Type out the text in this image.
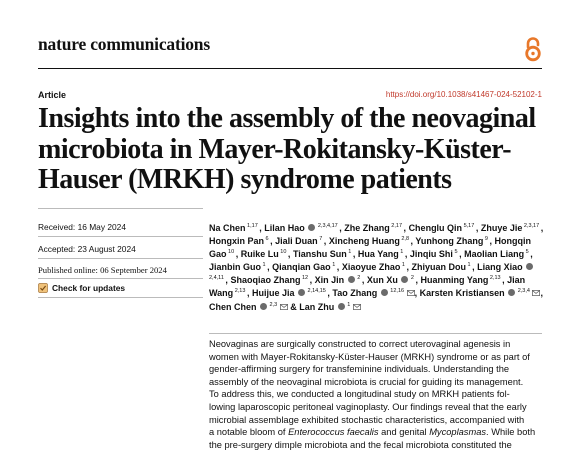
nature communications
Article	https://doi.org/10.1038/s41467-024-52102-1
Insights into the assembly of the neovaginal
microbiota in Mayer-Rokitansky-Küster-
Hauser (MRKH) syndrome patients
Received: 16 May 2024
Accepted: 23 August 2024
Published online: 06 September 2024
Check for updates
Na Chen $^{1,17}$ , Lilan Hao  $^{2,3,4,17}$ , Zhe Zhang $^{2,17}$ , Chenglu Qin $^{5,17}$ , Zhuye Jie $^{2,3,17}$ , Hongxin Pan $^6$ , Jiali Duan $^7$ , Xincheng Huang $^{2,8}$ , Yunhong Zhang $^9$ , Hongqin Gao $^{10}$ , Ruike Lu $^{10}$ , Tianshu Sun $^1$ , Hua Yang $^1$ , Jinqiu Shi $^5$ , Maolian Liang $^5$ , Jianbin Guo $^1$ , Qianqian Gao $^1$ , Xiaoyue Zhao $^1$ , Zhiyuan Dou $^1$ , Liang Xiao  $^{2,4,11}$ , Shaoqiao Zhang $^{12}$ , Xin Jin  $^2$ , Xun Xu  $^2$ , Huanming Yang $^{2,13}$ , Jian Wang $^{2,13}$ , Huijue Jia  $^{2,14,15}$ , Tao Zhang  $^{12,16}$ , Karsten Kristiansen  $^{2,3,4}$ , Chen Chen  $^{2,3}$  & Lan Zhu  $^1$
Neovaginas are surgically constructed to correct uterovaginal agenesis in
women with Mayer-Rokitansky-Küster-Hauser (MRKH) syndrome or as part of
gender-affirming surgery for transfeminine individuals. Understanding the
assembly of the neovaginal microbiota is crucial for guiding its management.
To address this, we conducted a longitudinal study on MRKH patients fol-
lowing laparoscopic peritoneal vaginoplasty. Our findings reveal that the early
microbial assemblage exhibited stochastic characteristics, accompanied with
a notable bloom of Enterococcus faecalis and genital Mycoplasmas. While both
the pre-surgery dimple microbiota and the fecal microbiota constituted the
